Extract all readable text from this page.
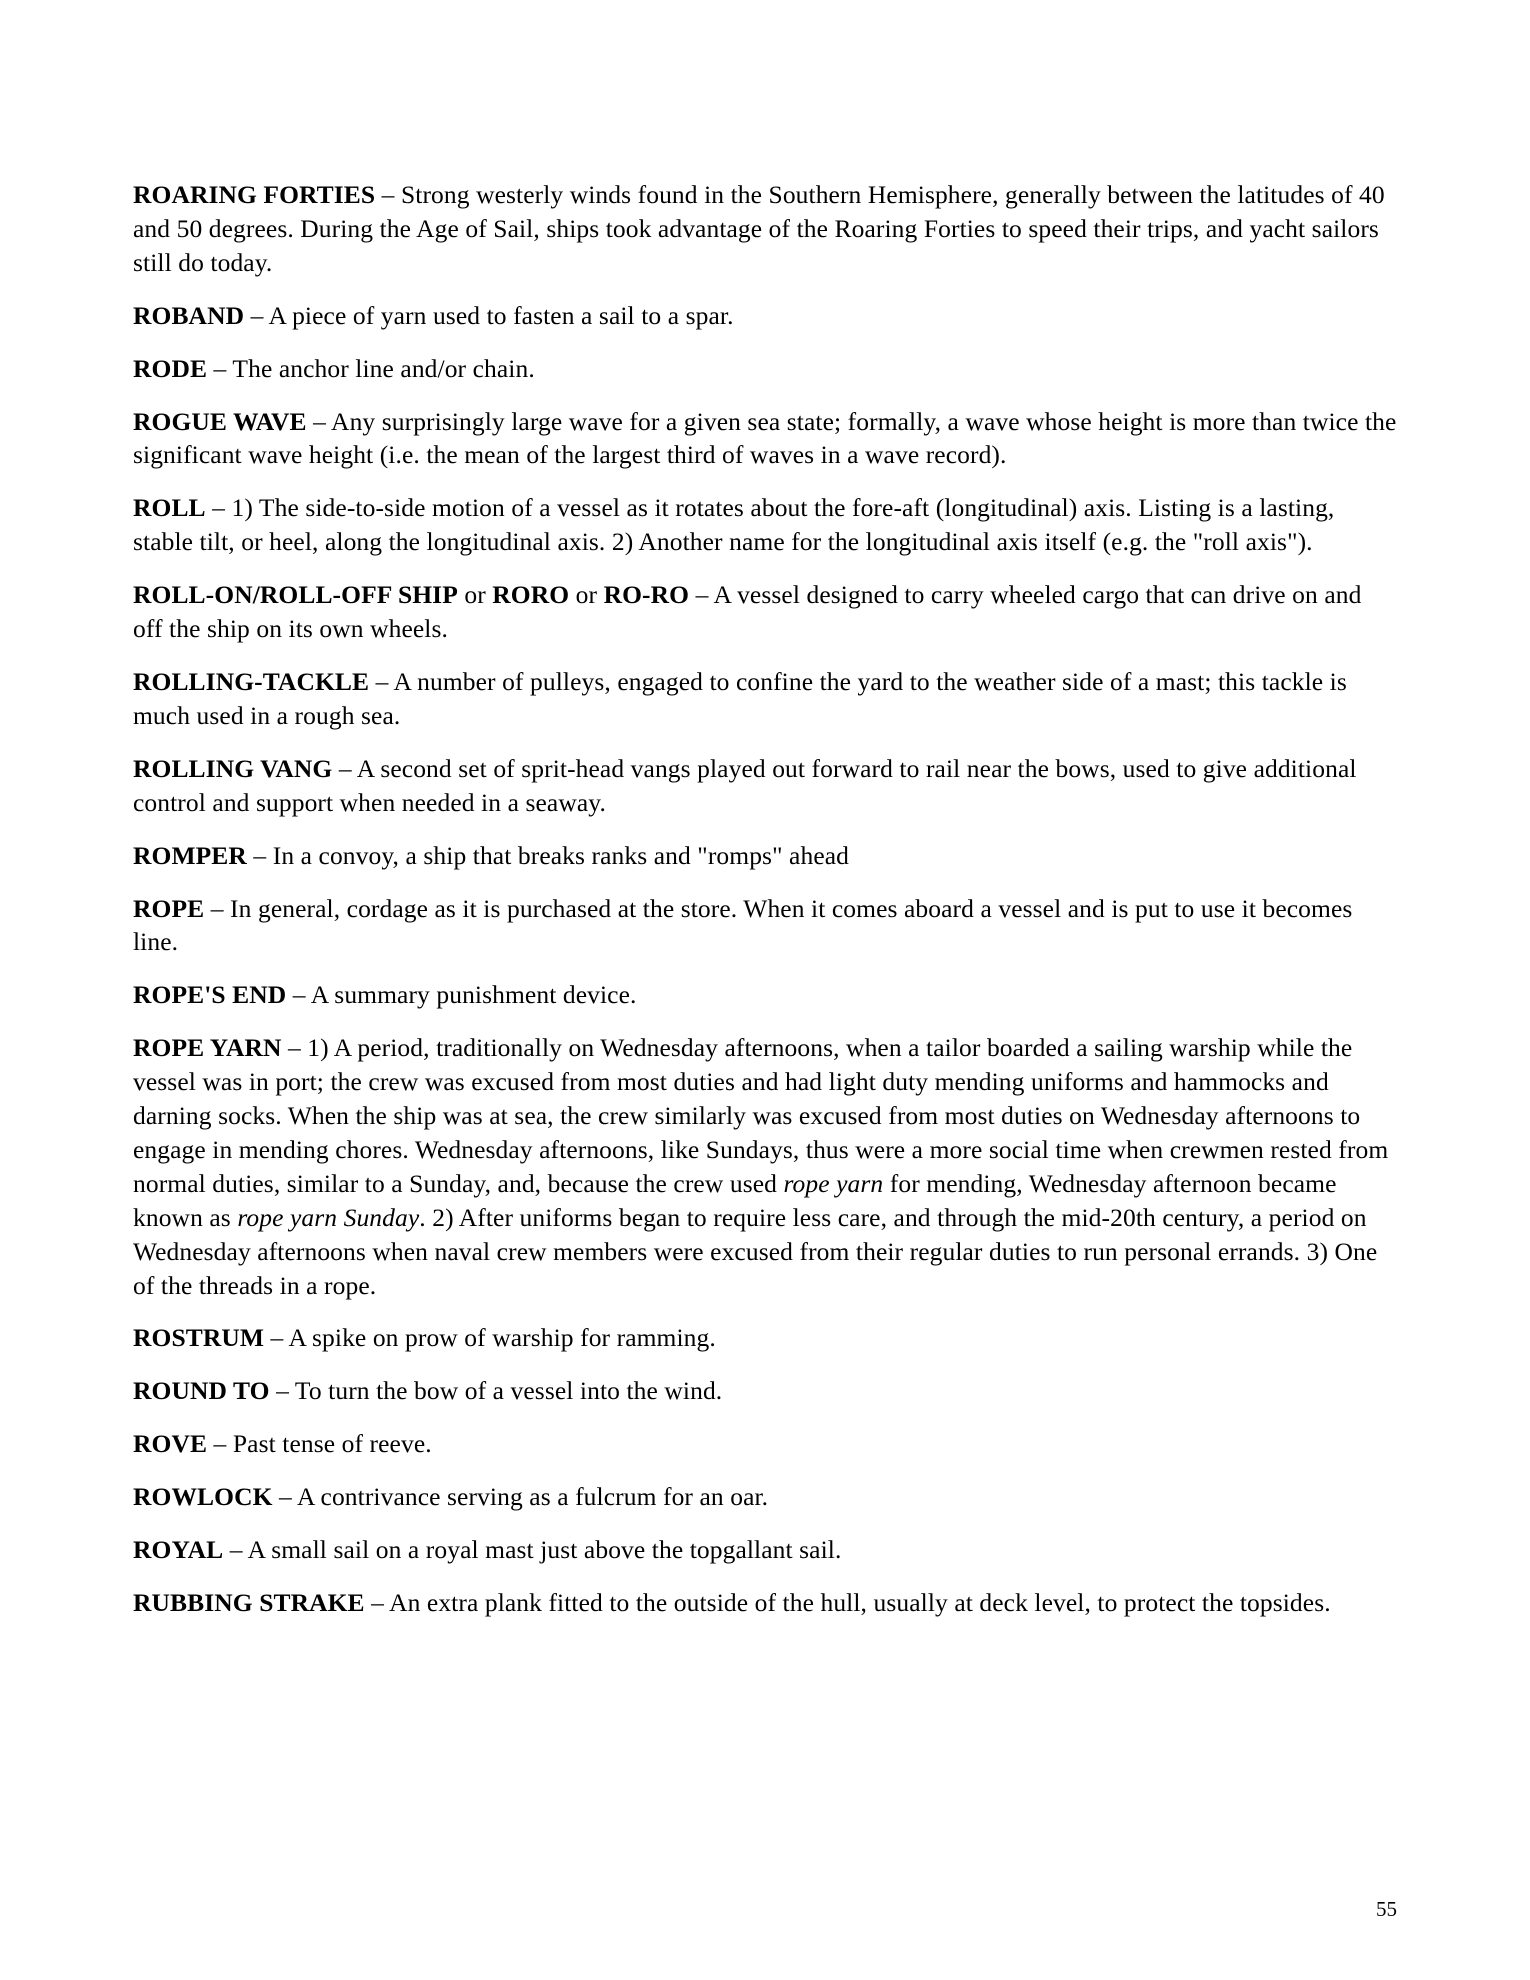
ROARING FORTIES – Strong westerly winds found in the Southern Hemisphere, generally between the latitudes of 40 and 50 degrees. During the Age of Sail, ships took advantage of the Roaring Forties to speed their trips, and yacht sailors still do today.

ROBAND – A piece of yarn used to fasten a sail to a spar.

RODE – The anchor line and/or chain.

ROGUE WAVE – Any surprisingly large wave for a given sea state; formally, a wave whose height is more than twice the significant wave height (i.e. the mean of the largest third of waves in a wave record).

ROLL – 1) The side-to-side motion of a vessel as it rotates about the fore-aft (longitudinal) axis. Listing is a lasting, stable tilt, or heel, along the longitudinal axis. 2) Another name for the longitudinal axis itself (e.g. the "roll axis").

ROLL-ON/ROLL-OFF SHIP or RORO or RO-RO – A vessel designed to carry wheeled cargo that can drive on and off the ship on its own wheels.

ROLLING-TACKLE – A number of pulleys, engaged to confine the yard to the weather side of a mast; this tackle is much used in a rough sea.

ROLLING VANG – A second set of sprit-head vangs played out forward to rail near the bows, used to give additional control and support when needed in a seaway.

ROMPER – In a convoy, a ship that breaks ranks and "romps" ahead

ROPE – In general, cordage as it is purchased at the store. When it comes aboard a vessel and is put to use it becomes line.

ROPE'S END – A summary punishment device.

ROPE YARN – 1) A period, traditionally on Wednesday afternoons, when a tailor boarded a sailing warship while the vessel was in port; the crew was excused from most duties and had light duty mending uniforms and hammocks and darning socks. When the ship was at sea, the crew similarly was excused from most duties on Wednesday afternoons to engage in mending chores. Wednesday afternoons, like Sundays, thus were a more social time when crewmen rested from normal duties, similar to a Sunday, and, because the crew used rope yarn for mending, Wednesday afternoon became known as rope yarn Sunday. 2) After uniforms began to require less care, and through the mid-20th century, a period on Wednesday afternoons when naval crew members were excused from their regular duties to run personal errands. 3) One of the threads in a rope.

ROSTRUM – A spike on prow of warship for ramming.

ROUND TO – To turn the bow of a vessel into the wind.

ROVE – Past tense of reeve.

ROWLOCK – A contrivance serving as a fulcrum for an oar.

ROYAL – A small sail on a royal mast just above the topgallant sail.

RUBBING STRAKE – An extra plank fitted to the outside of the hull, usually at deck level, to protect the topsides.

55
